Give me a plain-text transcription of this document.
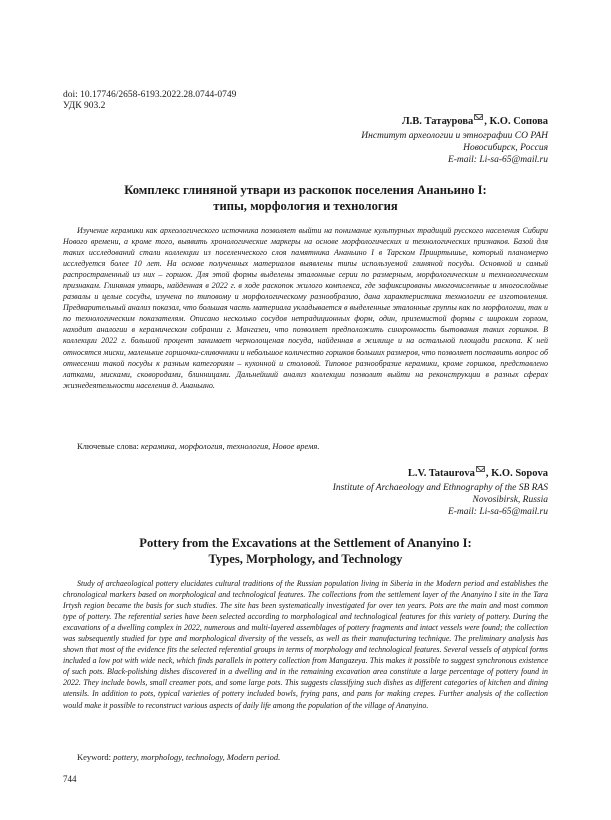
doi: 10.17746/2658-6193.2022.28.0744-0749
УДК 903.2
Л.В. Татаурова , К.О. Сопова
Институт археологии и этнографии СО РАН
Новосибирск, Россия
E-mail: Li-sa-65@mail.ru
Комплекс глиняной утвари из раскопок поселения Ананьино I:
типы, морфология и технология

Изучение керамики как археологического источника позволяет выйти на понимание культурных традиций русского населения Сибири Нового времени, а кроме того, выявить хронологические маркеры на основе морфологических и технологических признаков. Базой для таких исследований стали коллекции из поселенческого слоя памятника Ананьино I в Тарском Прииртышье, который планомерно исследуется более 10 лет. На основе полученных материалов выявлены типы используемой глиняной посуды. Основной и самый распространенный из них – горшок. Для этой формы выделены эталонные серии по размерным, морфологическим и технологическим признакам. Глиняная утварь, найденная в 2022 г. в ходе раскопок жилого комплекса, где зафиксированы многочисленные и многослойные развалы и целые сосуды, изучена по типовому и морфологическому разнообразию, дана характеристика технологии ее изготовления. Предварительный анализ показал, что большая часть материала укладывается в выделенные эталонные группы как по морфологии, так и по технологическим показателям. Описано несколько сосудов нетрадиционных форм, один, приземистой формы с широким горлом, находит аналогии в керамическом собрании г. Мангазеи, что позволяет предположить синхронность бытования таких горшков. В коллекции 2022 г. большой процент занимает чернолощеная посуда, найденная в жилище и на остальной площади раскопа. К ней относятся миски, маленькие горшочки-сливочники и небольшое количество горшков больших размеров, что позволяет поставить вопрос об отнесении такой посуды к разным категориям – кухонной и столовой. Типовое разнообразие керамики, кроме горшков, представлено латками, мисками, сковородами, блинницами. Дальнейший анализ коллекции позволит выйти на реконструкции в разных сферах жизнедеятельности населения д. Ананьино.

Ключевые слова: керамика, морфология, технология, Новое время.
L.V. Tataurova , K.O. Sopova
Institute of Archaeology and Ethnography of the SB RAS
Novosibirsk, Russia
E-mail: Li-sa-65@mail.ru
Pottery from the Excavations at the Settlement of Ananyino I:
Types, Morphology, and Technology

Study of archaeological pottery elucidates cultural traditions of the Russian population living in Siberia in the Modern period and establishes the chronological markers based on morphological and technological features. The collections from the settlement layer of the Ananyino I site in the Tara Irtysh region became the basis for such studies. The site has been systematically investigated for over ten years. Pots are the main and most common type of pottery. The referential series have been selected according to morphological and technological features for this variety of pottery. During the excavations of a dwelling complex in 2022, numerous and multi-layered assemblages of pottery fragments and intact vessels were found; the collection was subsequently studied for type and morphological diversity of the vessels, as well as their manufacturing technique. The preliminary analysis has shown that most of the evidence fits the selected referential groups in terms of morphology and technological features. Several vessels of atypical forms included a low pot with wide neck, which finds parallels in pottery collection from Mangazeya. This makes it possible to suggest synchronous existence of such pots. Black-polishing dishes discovered in a dwelling and in the remaining excavation area constitute a large percentage of pottery found in 2022. They include bowls, small creamer pots, and some large pots. This suggests classifying such dishes as different categories of kitchen and dining utensils. In addition to pots, typical varieties of pottery included bowls, frying pans, and pans for making crepes. Further analysis of the collection would make it possible to reconstruct various aspects of daily life among the population of the village of Ananyino.

Keyword: pottery, morphology, technology, Modern period.
744
